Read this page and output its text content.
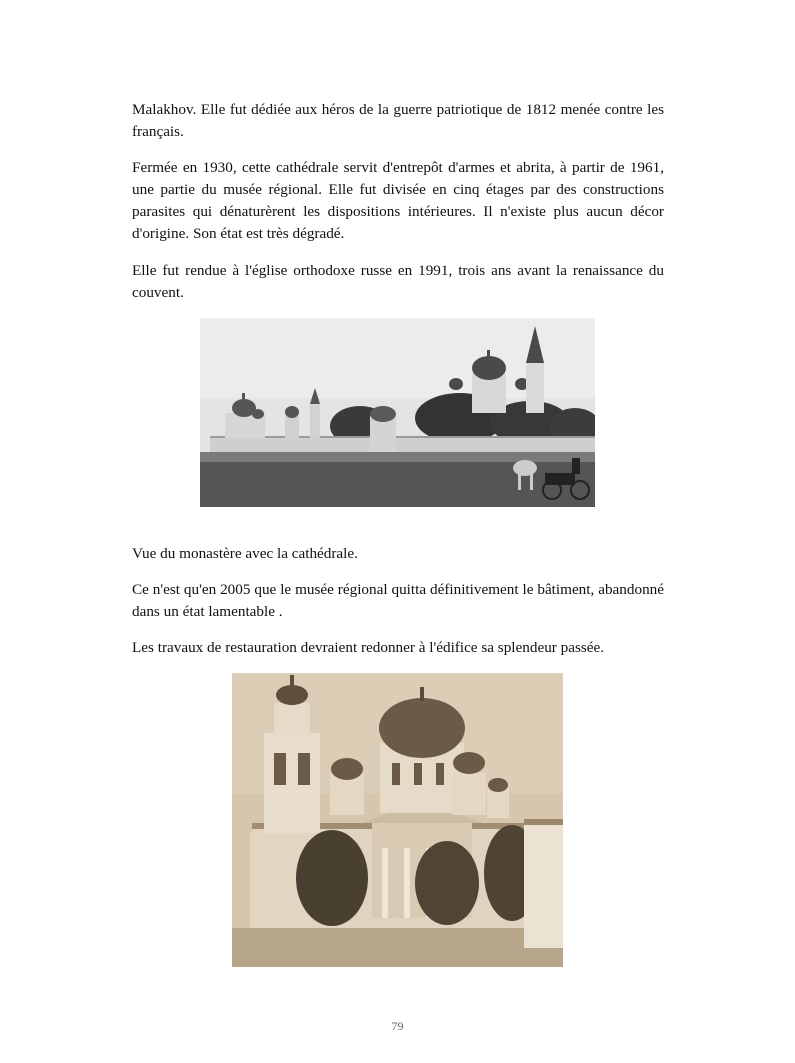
Malakhov. Elle fut dédiée aux héros de la guerre patriotique de 1812 menée contre les français.

Fermée en 1930, cette cathédrale servit d'entrepôt d'armes et abrita, à partir de 1961, une partie du musée régional. Elle fut divisée en cinq étages par des constructions parasites qui dénaturèrent les dispositions intérieures. Il n'existe plus aucun décor d'origine. Son état est très dégradé.

Elle fut rendue à l'église orthodoxe russe en 1991, trois ans avant la renaissance du couvent.

Vue du monastère avec la cathédrale.

Ce n'est qu'en 2005 que le musée régional quitta définitivement le bâtiment, abandonné dans un état lamentable .

Les travaux de restauration devraient redonner à l'édifice sa splendeur passée.

79
